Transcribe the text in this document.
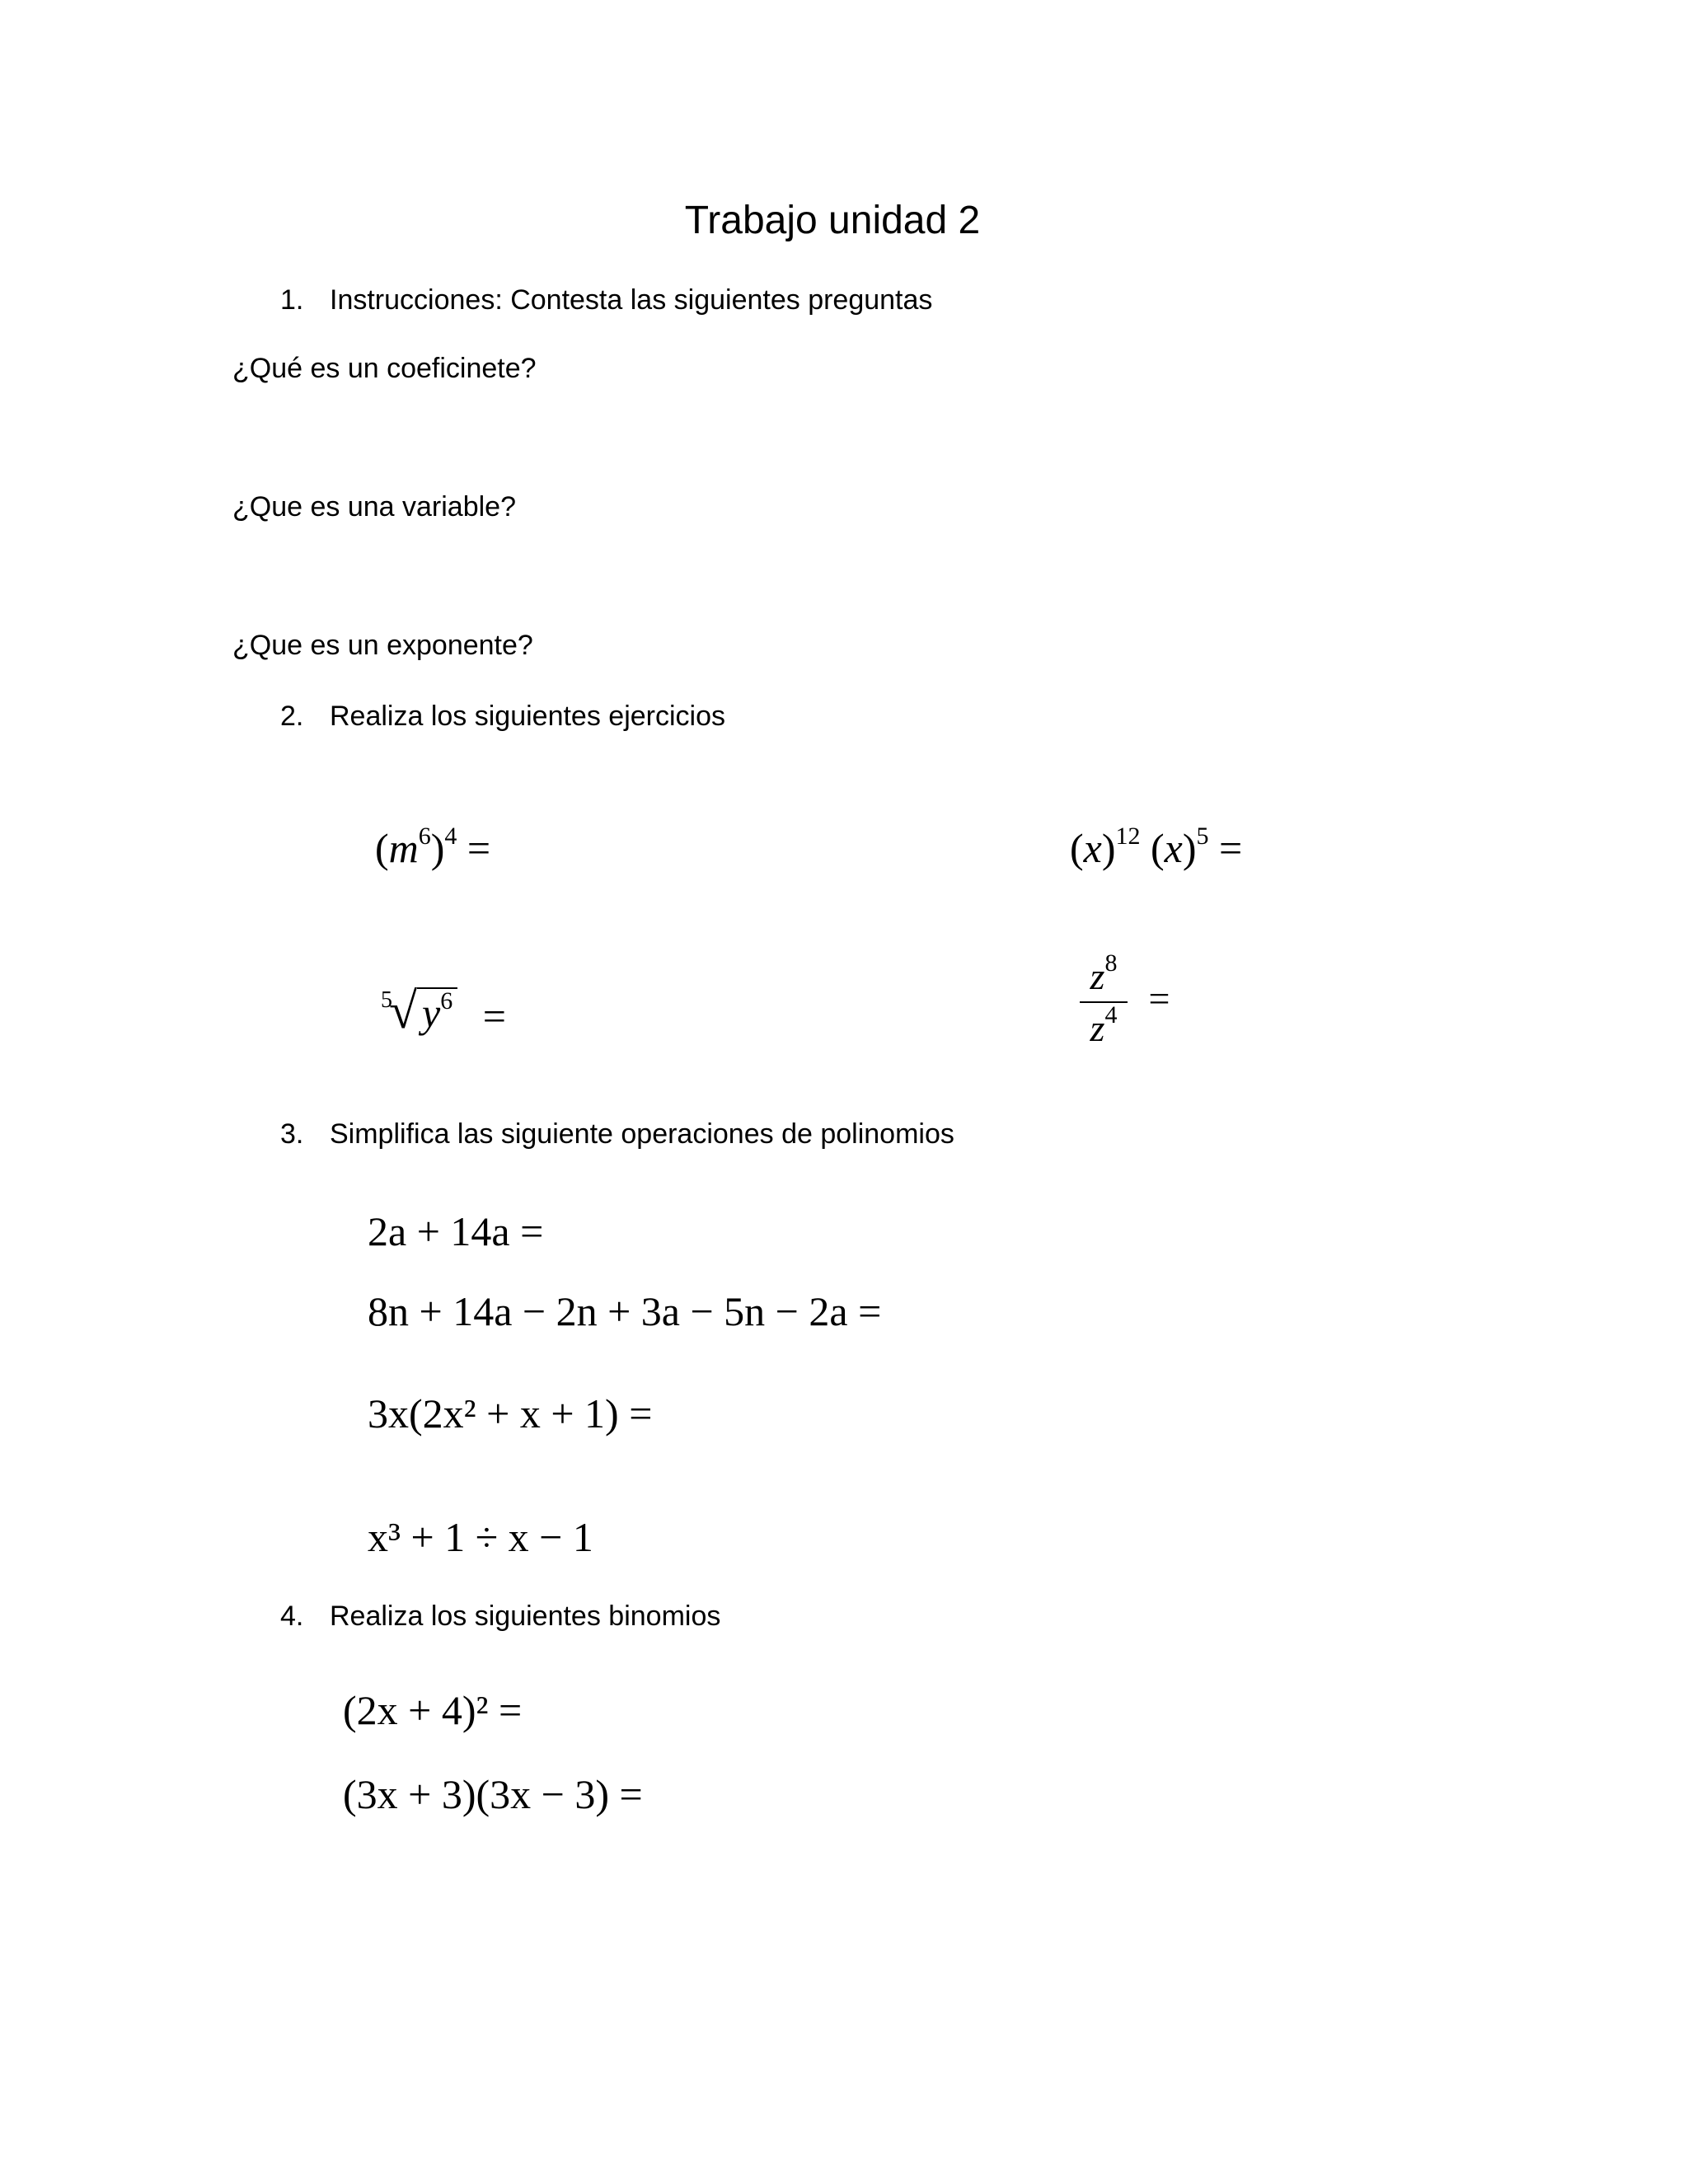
Trabajo unidad 2
1. Instrucciones: Contesta las siguientes preguntas
¿Qué es un coeficinete?
¿Que es una variable?
¿Que es un exponente?
2. Realiza los siguientes ejercicios
$(m^6)^4$ =	$(x)^{12}$ $(x)^5$ =
5
√ $y^6$ =	$\frac{z^8}{z^4}$ =
3. Simplifica las siguiente operaciones de polinomios
2a + 14a =
8n + 14a − 2n + 3a − 5n − 2a =
3x(2x² + x + 1) =
x³ + 1 ÷ x − 1
4. Realiza los siguientes binomios
(2x + 4)² =
(3x + 3)(3x − 3) =
